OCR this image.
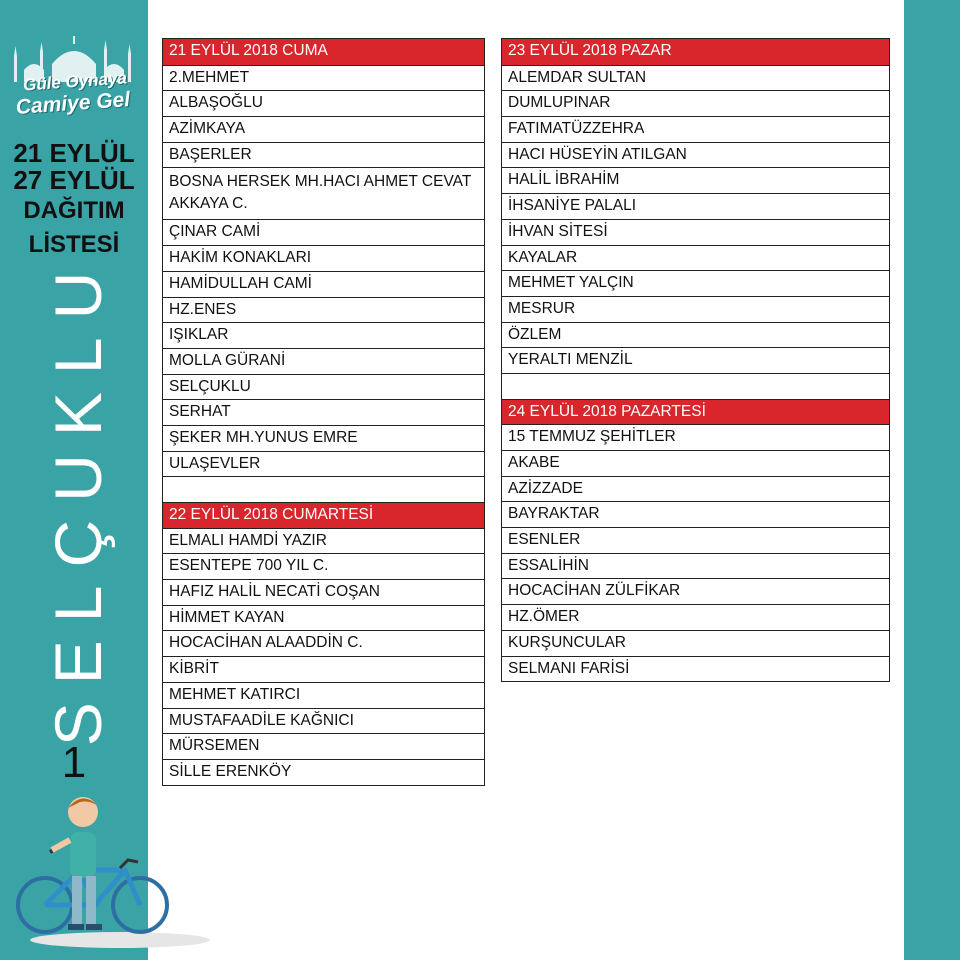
Güle Oynaya
Camiye Gel
21 EYLÜL
27 EYLÜL
DAĞITIM
LİSTESİ
SELÇUKLU
1
21 EYLÜL 2018 CUMA
2.MEHMET
ALBAŞOĞLU
AZİMKAYA
BAŞERLER
BOSNA HERSEK MH.HACI AHMET CEVAT AKKAYA C.
ÇINAR CAMİ
HAKİM KONAKLARI
HAMİDULLAH CAMİ
HZ.ENES
IŞIKLAR
MOLLA GÜRANİ
SELÇUKLU
SERHAT
ŞEKER MH.YUNUS EMRE
ULAŞEVLER
22 EYLÜL 2018 CUMARTESİ
ELMALI HAMDİ YAZIR
ESENTEPE 700 YIL C.
HAFIZ HALİL NECATİ COŞAN
HİMMET KAYAN
HOCACİHAN ALAADDİN C.
KİBRİT
MEHMET KATIRCI
MUSTAFAADİLE KAĞNICI
MÜRSEMEN
SİLLE ERENKÖY
23 EYLÜL 2018 PAZAR
ALEMDAR SULTAN
DUMLUPINAR
FATIMATÜZZEHRA
HACI HÜSEYİN ATILGAN
HALİL İBRAHİM
İHSANİYE PALALI
İHVAN SİTESİ
KAYALAR
MEHMET YALÇIN
MESRUR
ÖZLEM
YERALTI MENZİL
24 EYLÜL 2018 PAZARTESİ
15 TEMMUZ ŞEHİTLER
AKABE
AZİZZADE
BAYRAKTAR
ESENLER
ESSALİHİN
HOCACİHAN ZÜLFİKAR
HZ.ÖMER
KURŞUNCULAR
SELMANI FARİSİ
